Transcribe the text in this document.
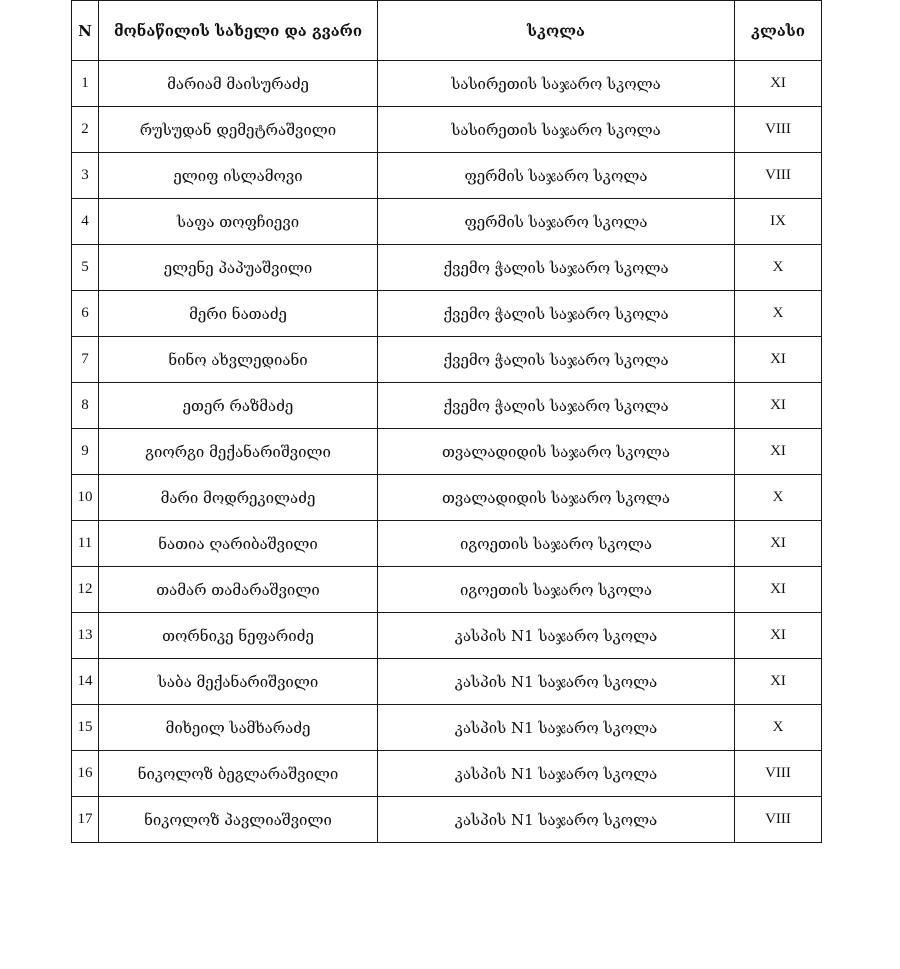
N	მონაწილის სახელი და გვარი	სკოლა	კლასი
1	მარიამ მაისურაძე	სასირეთის საჯარო სკოლა	XI
2	რუსუდან დემეტრაშვილი	სასირეთის საჯარო სკოლა	VIII
3	ელიფ ისლამოვი	ფერმის საჯარო სკოლა	VIII
4	საფა თოფჩიევი	ფერმის საჯარო სკოლა	IX
5	ელენე პაპუაშვილი	ქვემო ჭალის საჯარო სკოლა	X
6	მერი ნათაძე	ქვემო ჭალის საჯარო სკოლა	X
7	ნინო ახვლედიანი	ქვემო ჭალის საჯარო სკოლა	XI
8	ეთერ რაზმაძე	ქვემო ჭალის საჯარო სკოლა	XI
9	გიორგი მექანარიშვილი	თვალადიდის საჯარო სკოლა	XI
10	მარი მოდრეკილაძე	თვალადიდის საჯარო სკოლა	X
11	ნათია ღარიბაშვილი	იგოეთის საჯარო სკოლა	XI
12	თამარ თამარაშვილი	იგოეთის საჯარო სკოლა	XI
13	თორნიკე ნეფარიძე	კასპის N1 საჯარო სკოლა	XI
14	საბა მექანარიშვილი	კასპის N1 საჯარო სკოლა	XI
15	მიხეილ სამხარაძე	კასპის N1 საჯარო სკოლა	X
16	ნიკოლოზ ბეგლარაშვილი	კასპის N1 საჯარო სკოლა	VIII
17	ნიკოლოზ პავლიაშვილი	კასპის N1 საჯარო სკოლა	VIII
